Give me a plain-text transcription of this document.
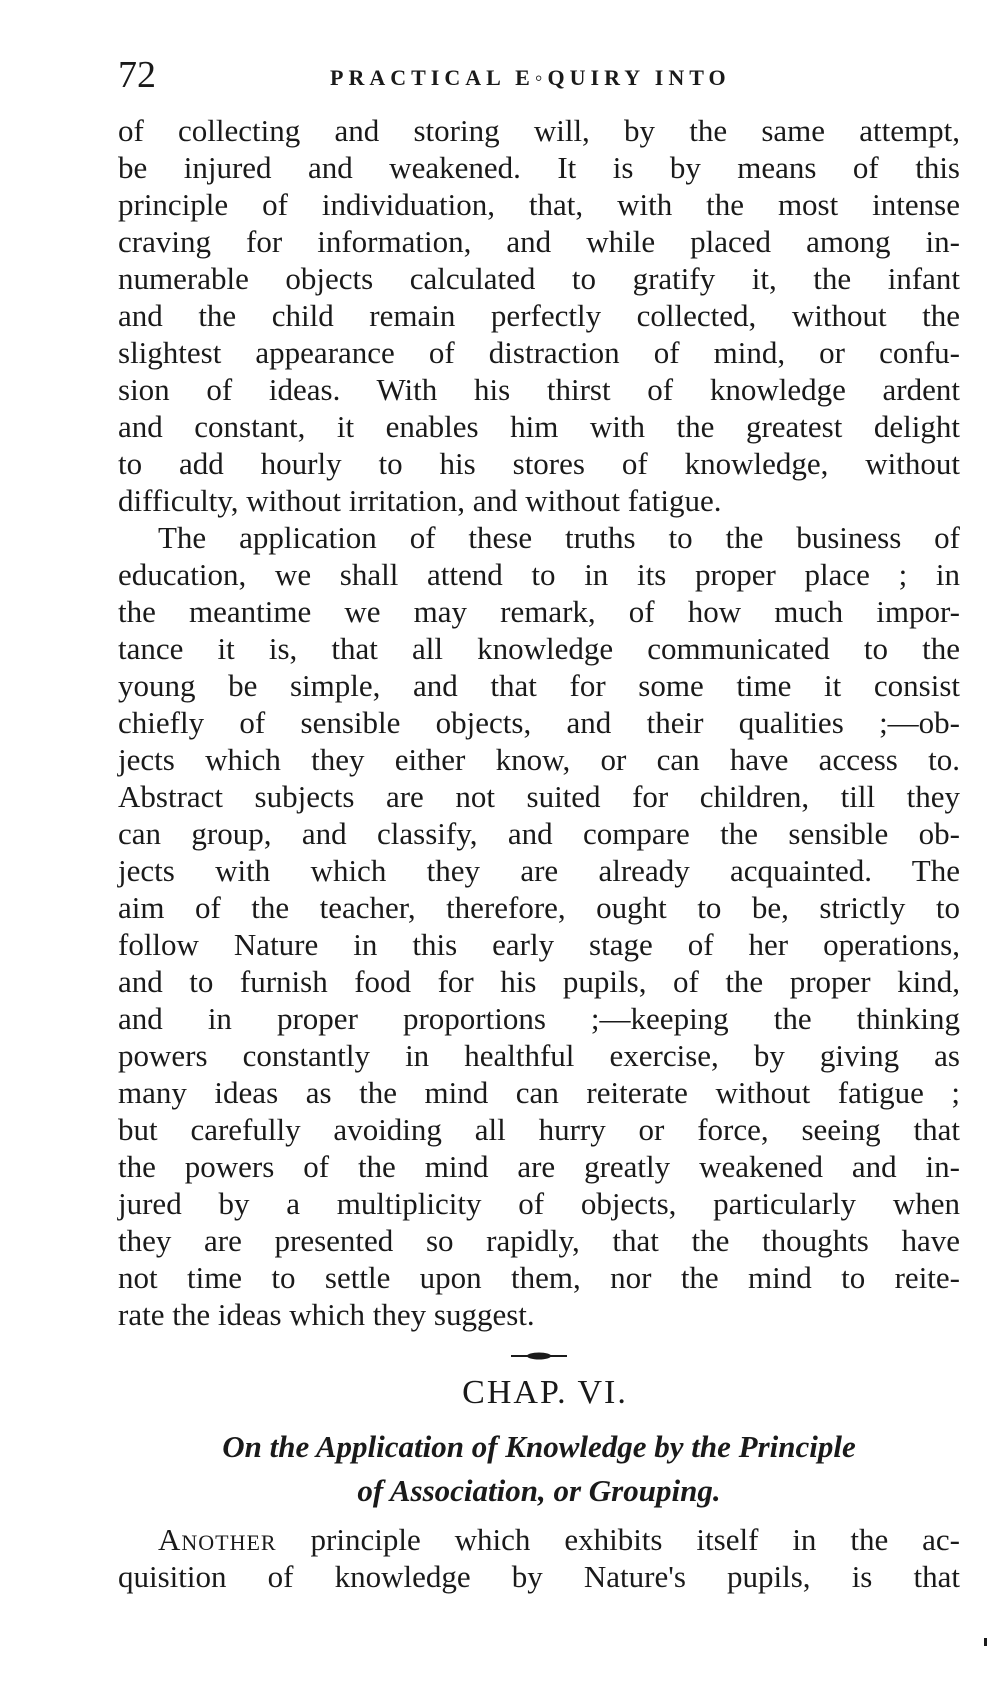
72	PRACTICAL E◦QUIRY INTO
of collecting and storing will, by the same attempt,
be injured and weakened. It is by means of this
principle of individuation, that, with the most intense
craving for information, and while placed among in-
numerable objects calculated to gratify it, the infant
and the child remain perfectly collected, without the
slightest appearance of distraction of mind, or confu-
sion of ideas. With his thirst of knowledge ardent
and constant, it enables him with the greatest delight
to add hourly to his stores of knowledge, without
difficulty, without irritation, and without fatigue.
The application of these truths to the business of
education, we shall attend to in its proper place ; in
the meantime we may remark, of how much impor-
tance it is, that all knowledge communicated to the
young be simple, and that for some time it consist
chiefly of sensible objects, and their qualities ;—ob-
jects which they either know, or can have access to.
Abstract subjects are not suited for children, till they
can group, and classify, and compare the sensible ob-
jects with which they are already acquainted. The
aim of the teacher, therefore, ought to be, strictly to
follow Nature in this early stage of her operations,
and to furnish food for his pupils, of the proper kind,
and in proper proportions ;—keeping the thinking
powers constantly in healthful exercise, by giving as
many ideas as the mind can reiterate without fatigue ;
but carefully avoiding all hurry or force, seeing that
the powers of the mind are greatly weakened and in-
jured by a multiplicity of objects, particularly when
they are presented so rapidly, that the thoughts have
not time to settle upon them, nor the mind to reite-
rate the ideas which they suggest.
CHAP. VI.
On the Application of Knowledge by the Principle
of Association, or Grouping.
Another principle which exhibits itself in the ac-
quisition of knowledge by Nature's pupils, is that
